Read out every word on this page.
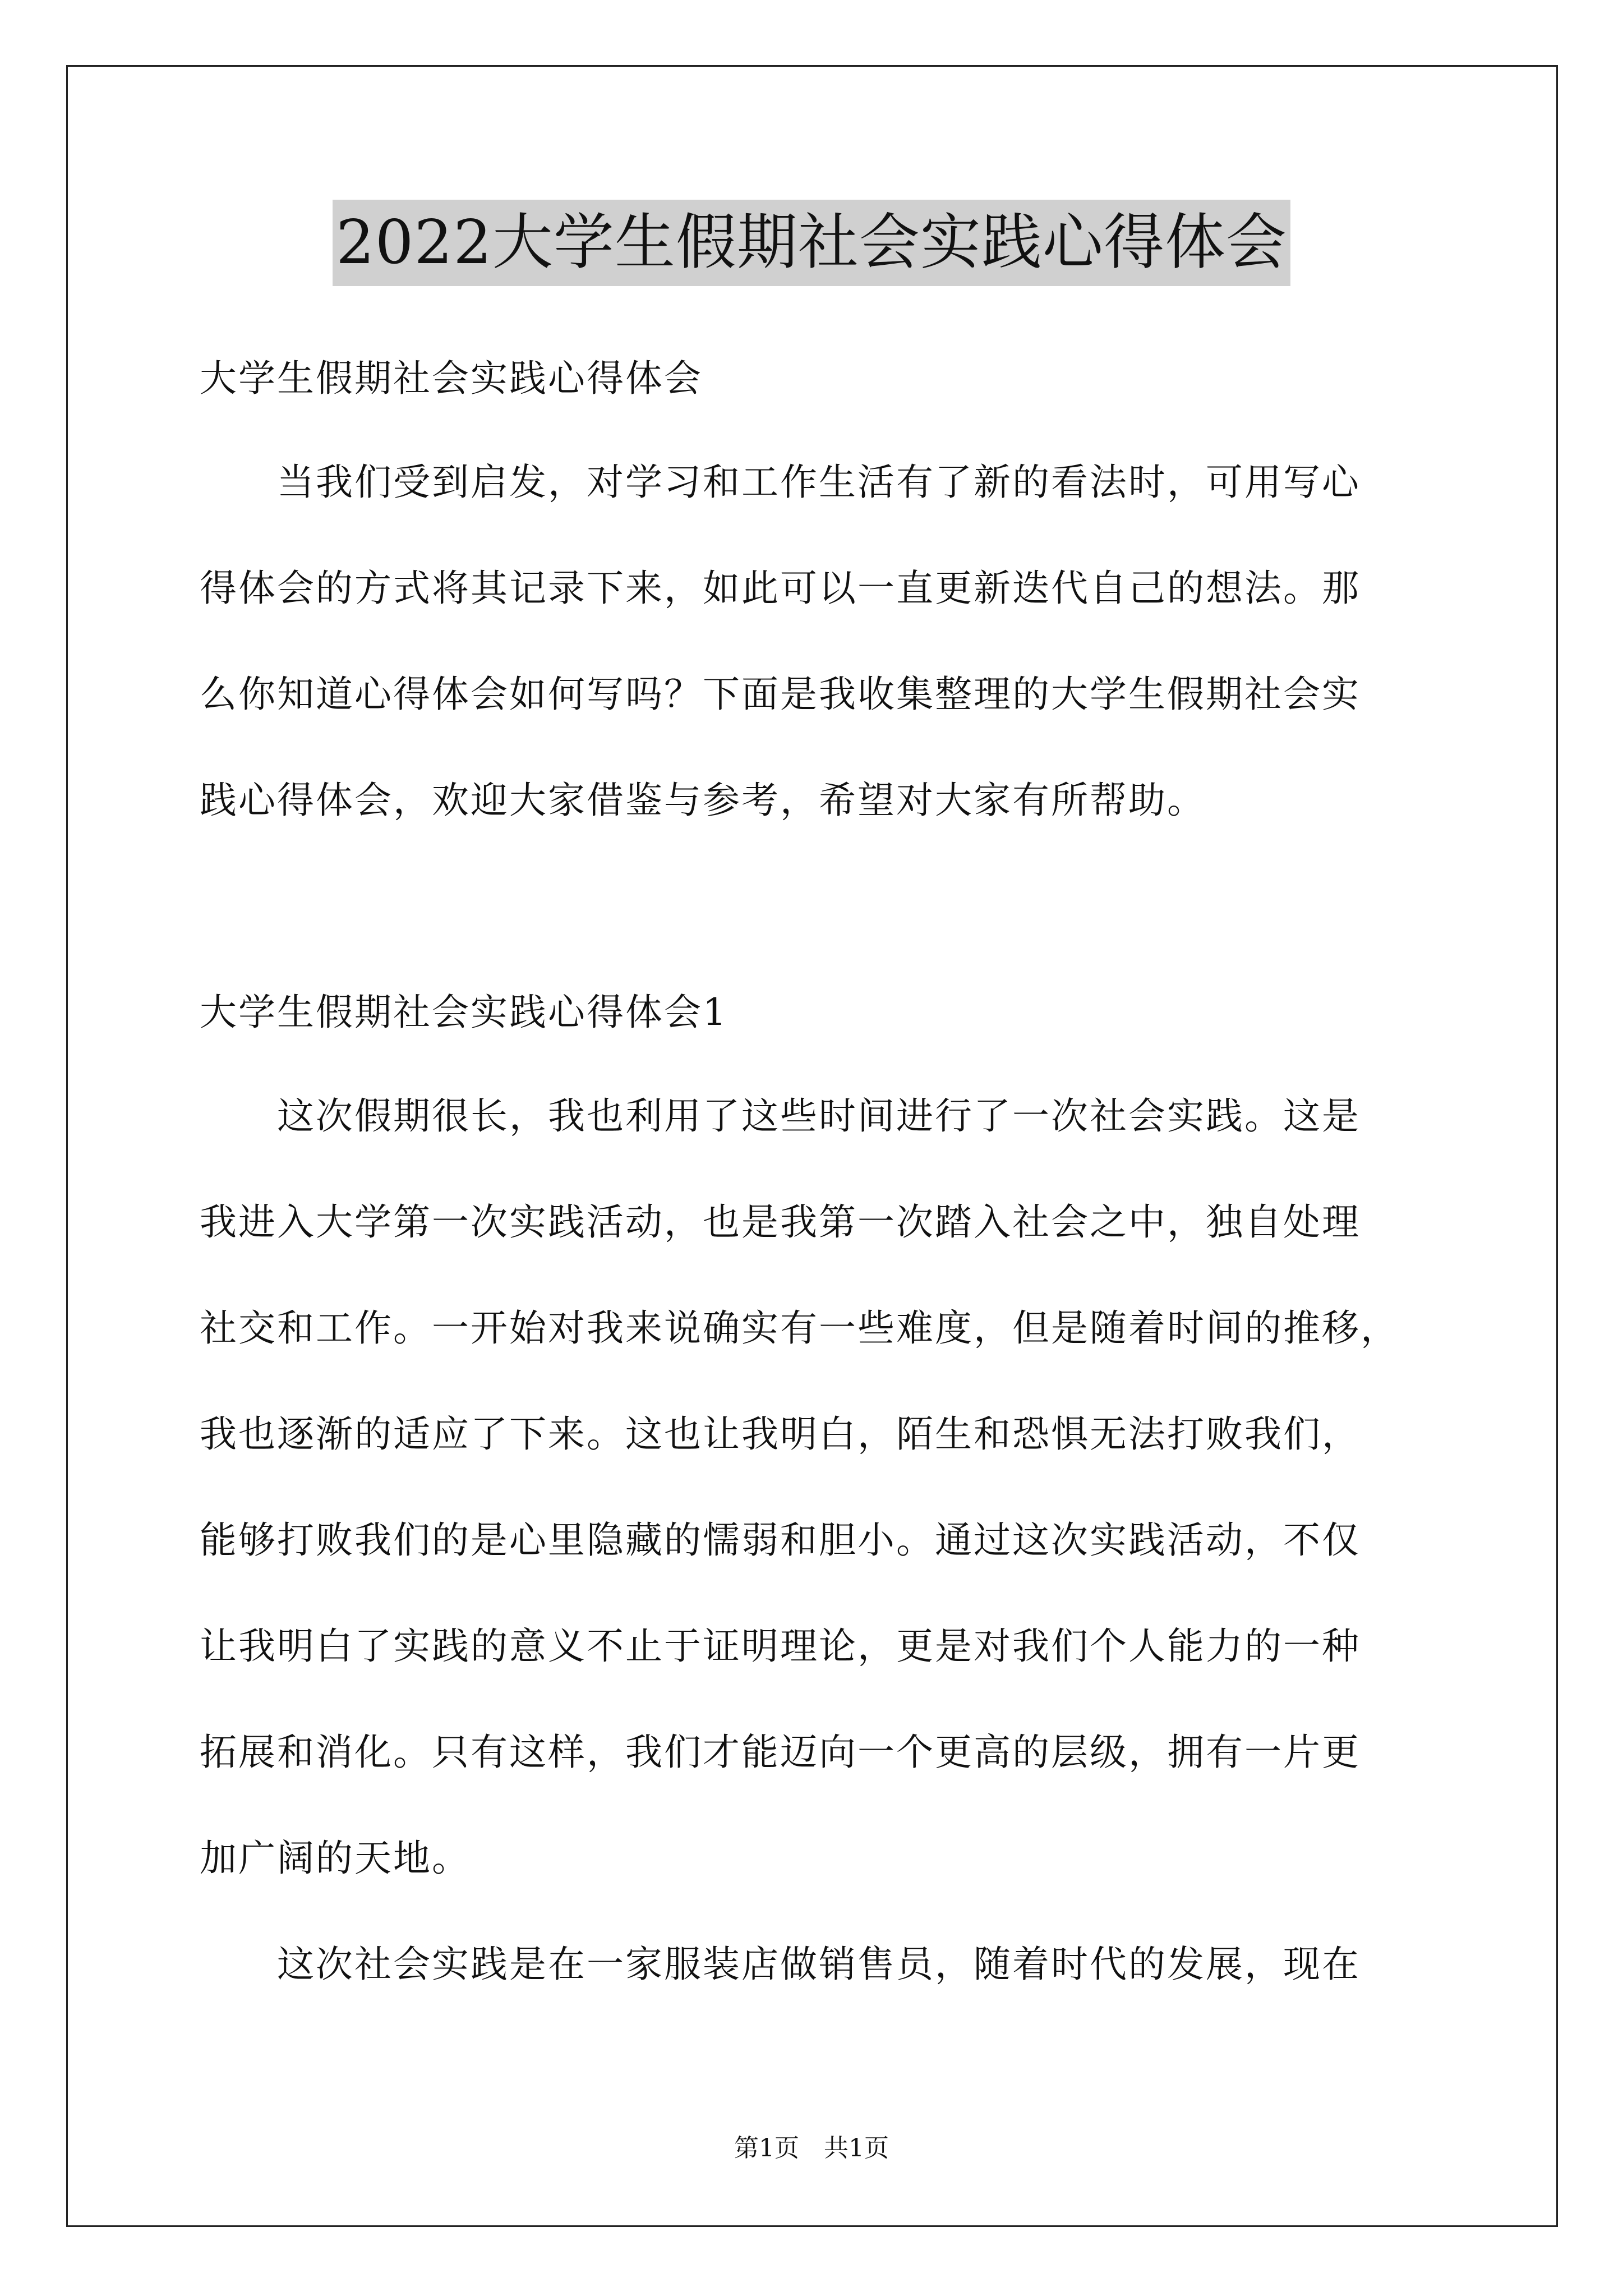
2022大学生假期社会实践心得体会
大学生假期社会实践心得体会
　　当我们受到启发，对学习和工作生活有了新的看法时，可用写心
得体会的方式将其记录下来，如此可以一直更新迭代自己的想法。那
么你知道心得体会如何写吗？下面是我收集整理的大学生假期社会实
践心得体会，欢迎大家借鉴与参考，希望对大家有所帮助。
大学生假期社会实践心得体会1
　　这次假期很长，我也利用了这些时间进行了一次社会实践。这是
我进入大学第一次实践活动，也是我第一次踏入社会之中，独自处理
社交和工作。一开始对我来说确实有一些难度，但是随着时间的推移，
我也逐渐的适应了下来。这也让我明白，陌生和恐惧无法打败我们，
能够打败我们的是心里隐藏的懦弱和胆小。通过这次实践活动，不仅
让我明白了实践的意义不止于证明理论，更是对我们个人能力的一种
拓展和消化。只有这样，我们才能迈向一个更高的层级，拥有一片更
加广阔的天地。
　　这次社会实践是在一家服装店做销售员，随着时代的发展，现在
第1页　共1页
